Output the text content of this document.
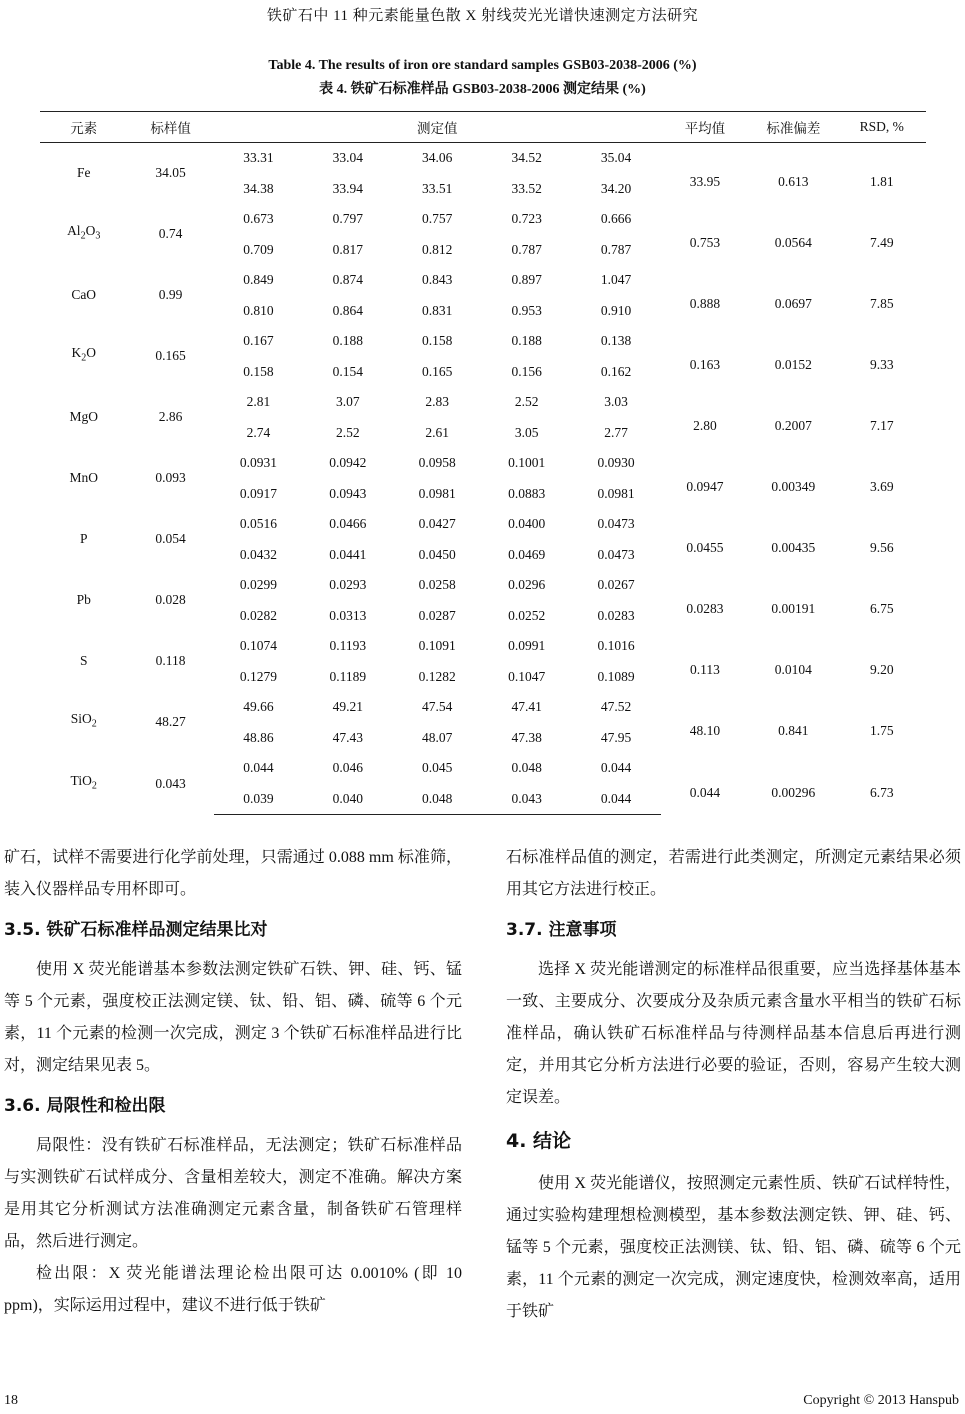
铁矿石中 11 种元素能量色散 X 射线荧光光谱快速测定方法研究
Table 4. The results of iron ore standard samples GSB03-2038-2006 (%)
表 4. 铁矿石标准样品 GSB03-2038-2006 测定结果 (%)
元素	标样值	测定值					平均值	标准偏差	RSD, %
Fe	34.05	33.31	33.04	34.06	34.52	35.04	33.95	0.613	1.81
		34.38	33.94	33.51	33.52	34.20			
$Al_2O_3$	0.74	0.673	0.797	0.757	0.723	0.666	0.753	0.0564	7.49
		0.709	0.817	0.812	0.787	0.787			
CaO	0.99	0.849	0.874	0.843	0.897	1.047	0.888	0.0697	7.85
		0.810	0.864	0.831	0.953	0.910			
$K_2O$	0.165	0.167	0.188	0.158	0.188	0.138	0.163	0.0152	9.33
		0.158	0.154	0.165	0.156	0.162			
MgO	2.86	2.81	3.07	2.83	2.52	3.03	2.80	0.2007	7.17
		2.74	2.52	2.61	3.05	2.77			
MnO	0.093	0.0931	0.0942	0.0958	0.1001	0.0930	0.0947	0.00349	3.69
		0.0917	0.0943	0.0981	0.0883	0.0981			
P	0.054	0.0516	0.0466	0.0427	0.0400	0.0473	0.0455	0.00435	9.56
		0.0432	0.0441	0.0450	0.0469	0.0473			
Pb	0.028	0.0299	0.0293	0.0258	0.0296	0.0267	0.0283	0.00191	6.75
		0.0282	0.0313	0.0287	0.0252	0.0283			
S	0.118	0.1074	0.1193	0.1091	0.0991	0.1016	0.113	0.0104	9.20
		0.1279	0.1189	0.1282	0.1047	0.1089			
SiO$_2$	48.27	49.66	49.21	47.54	47.41	47.52	48.10	0.841	1.75
		48.86	47.43	48.07	47.38	47.95			
TiO$_2$	0.043	0.044	0.046	0.045	0.048	0.044	0.044	0.00296	6.73
		0.039	0.040	0.048	0.043	0.044			

矿石，试样不需要进行化学前处理，只需通过 0.088 mm 标准筛，装入仪器样品专用杯即可。

3.5. 铁矿石标准样品测定结果比对

使用 X 荧光能谱基本参数法测定铁矿石铁、钾、硅、钙、锰等 5 个元素，强度校正法测定镁、钛、铅、铝、磷、硫等 6 个元素，11 个元素的检测一次完成，测定 3 个铁矿石标准样品进行比对，测定结果见表 5。

3.6. 局限性和检出限

局限性：没有铁矿石标准样品，无法测定；铁矿石标准样品与实测铁矿石试样成分、含量相差较大，测定不准确。解决方案是用其它分析测试方法准确测定元素含量，制备铁矿石管理样品，然后进行测定。

检出限：X 荧光能谱法理论检出限可达 0.0010% (即 10 ppm)，实际运用过程中，建议不进行低于铁矿

石标准样品值的测定，若需进行此类测定，所测定元素结果必须用其它方法进行校正。

3.7. 注意事项

选择 X 荧光能谱测定的标准样品很重要，应当选择基体基本一致、主要成分、次要成分及杂质元素含量水平相当的铁矿石标准样品，确认铁矿石标准样品与待测样品基本信息后再进行测定，并用其它分析方法进行必要的验证，否则，容易产生较大测定误差。

4. 结论

使用 X 荧光能谱仪，按照测定元素性质、铁矿石试样特性，通过实验构建理想检测模型，基本参数法测定铁、钾、硅、钙、锰等 5 个元素，强度校正法测镁、钛、铅、铝、磷、硫等 6 个元素，11 个元素的测定一次完成，测定速度快，检测效率高，适用于铁矿

18	Copyright © 2013 Hanspub
